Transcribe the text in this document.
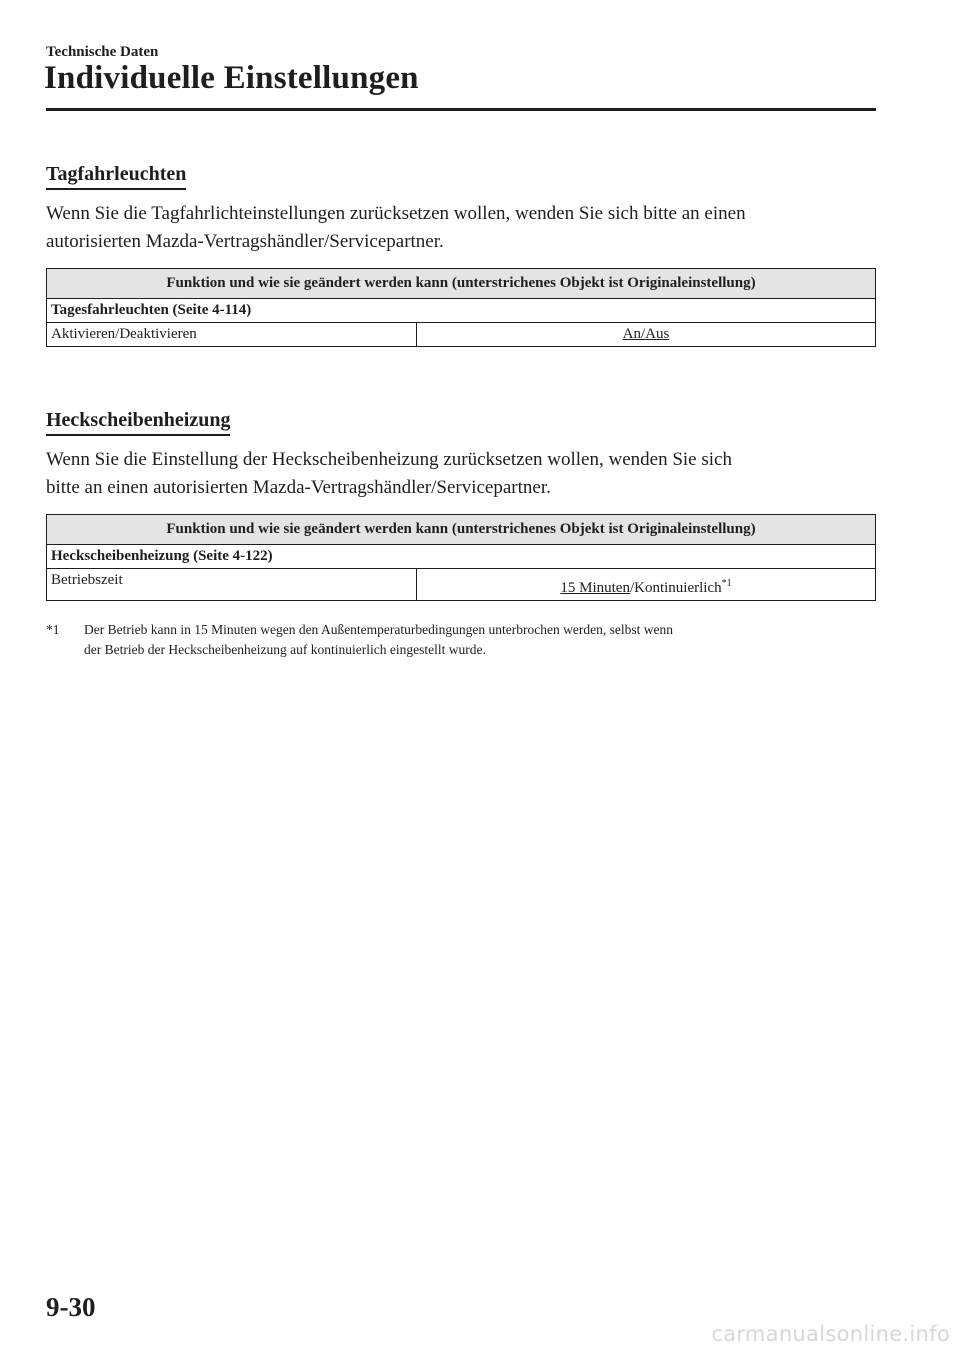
Technische Daten
Individuelle Einstellungen
Tagfahrleuchten

Wenn Sie die Tagfahrlichteinstellungen zurücksetzen wollen, wenden Sie sich bitte an einen
autorisierten Mazda-Vertragshändler/Servicepartner.

Funktion und wie sie geändert werden kann (unterstrichenes Objekt ist Originaleinstellung)
Tagesfahrleuchten (Seite 4-114)
Aktivieren/Deaktivieren	An/Aus
Heckscheibenheizung

Wenn Sie die Einstellung der Heckscheibenheizung zurücksetzen wollen, wenden Sie sich
bitte an einen autorisierten Mazda-Vertragshändler/Servicepartner.

Funktion und wie sie geändert werden kann (unterstrichenes Objekt ist Originaleinstellung)
Heckscheibenheizung (Seite 4-122)
Betriebszeit	15 Minuten/Kontinuierlich$^{*1}$
*1 Der Betrieb kann in 15 Minuten wegen den Außentemperaturbedingungen unterbrochen werden, selbst wenn
der Betrieb der Heckscheibenheizung auf kontinuierlich eingestellt wurde.
9-30
carmanualsonline.info
